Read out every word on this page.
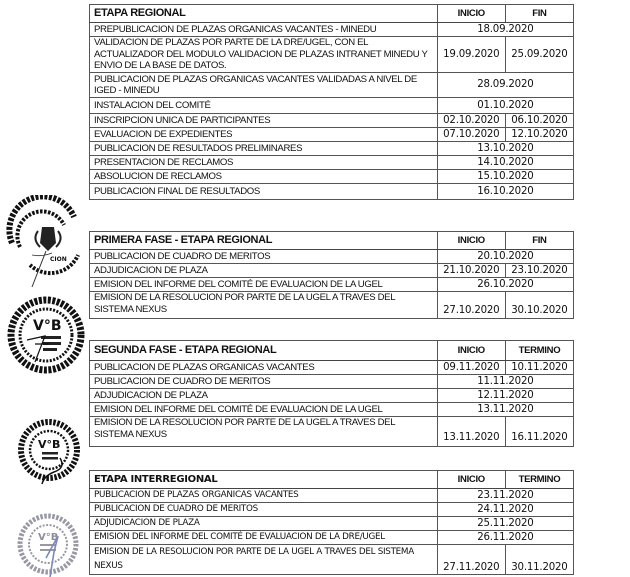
ETAPA REGIONAL	INICIO	FIN
PREPUBLICACION DE PLAZAS ORGANICAS VACANTES - MINEDU	18.09.2020	
VALIDACION DE PLAZAS POR PARTE DE LA DRE/UGEL, CON EL ACTUALIZADOR DEL MODULO VALIDACION DE PLAZAS INTRANET MINEDU Y ENVIO DE LA BASE DE DATOS.	19.09.2020	25.09.2020
PUBLICACION DE PLAZAS ORGANICAS VACANTES VALIDADAS A NIVEL DE IGED - MINEDU	28.09.2020	
INSTALACION DEL COMITÉ	01.10.2020	
INSCRIPCION UNICA DE PARTICIPANTES	02.10.2020	06.10.2020
EVALUACION DE EXPEDIENTES	07.10.2020	12.10.2020
PUBLICACION DE RESULTADOS PRELIMINARES	13.10.2020	
PRESENTACION DE RECLAMOS	14.10.2020	
ABSOLUCION DE RECLAMOS	15.10.2020	
PUBLICACION FINAL DE RESULTADOS	16.10.2020	
PRIMERA FASE - ETAPA REGIONAL	INICIO	FIN
PUBLICACION DE CUADRO DE MERITOS	20.10.2020	
ADJUDICACION DE PLAZA	21.10.2020	23.10.2020
EMISION DEL INFORME DEL COMITÉ DE EVALUACION DE LA UGEL	26.10.2020	
EMISION DE LA RESOLUCION POR PARTE DE LA UGEL A TRAVES DEL SISTEMA NEXUS	27.10.2020	30.10.2020
SEGUNDA FASE - ETAPA REGIONAL	INICIO	TERMINO
PUBLICACION DE PLAZAS ORGANICAS VACANTES	09.11.2020	10.11.2020
PUBLICACION DE CUADRO DE MERITOS	11.11.2020	
ADJUDICACION DE PLAZA	12.11.2020	
EMISION DEL INFORME DEL COMITÉ DE EVALUACION DE LA UGEL	13.11.2020	
EMISION DE LA RESOLUCION POR PARTE DE LA UGEL A TRAVES DEL SISTEMA NEXUS	13.11.2020	16.11.2020
ETAPA INTERREGIONAL	INICIO	TERMINO
PUBLICACION DE PLAZAS ORGANICAS VACANTES	23.11.2020	
PUBLICACION DE CUADRO DE MERITOS	24.11.2020	
ADJUDICACION DE PLAZA	25.11.2020	
EMISION DEL INFORME DEL COMITÉ DE EVALUACION DE LA DRE/UGEL	26.11.2020	
EMISION DE LA RESOLUCION POR PARTE DE LA UGEL A TRAVES DEL SISTEMA NEXUS	27.11.2020	30.11.2020
CION
V°B
V°B
V°B
